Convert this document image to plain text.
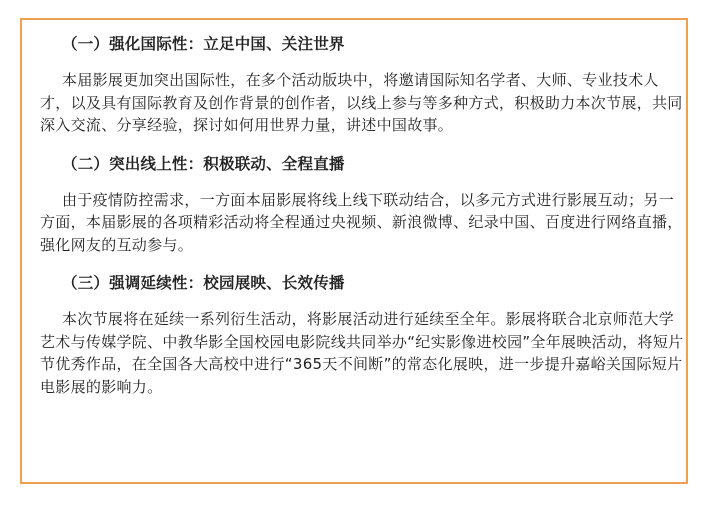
（一）强化国际性：立足中国、关注世界
本届影展更加突出国际性，在多个活动版块中，将邀请国际知名学者、大师、专业技术人才，以及具有国际教育及创作背景的创作者，以线上参与等多种方式，积极助力本次节展，共同深入交流、分享经验，探讨如何用世界力量，讲述中国故事。
（二）突出线上性：积极联动、全程直播
由于疫情防控需求，一方面本届影展将线上线下联动结合，以多元方式进行影展互动；另一方面，本届影展的各项精彩活动将全程通过央视频、新浪微博、纪录中国、百度进行网络直播，强化网友的互动参与。
（三）强调延续性：校园展映、长效传播
本次节展将在延续一系列衍生活动，将影展活动进行延续至全年。影展将联合北京师范大学艺术与传媒学院、中教华影全国校园电影院线共同举办“纪实影像进校园”全年展映活动，将短片节优秀作品，在全国各大高校中进行“365天不间断”的常态化展映，进一步提升嘉峪关国际短片电影展的影响力。
